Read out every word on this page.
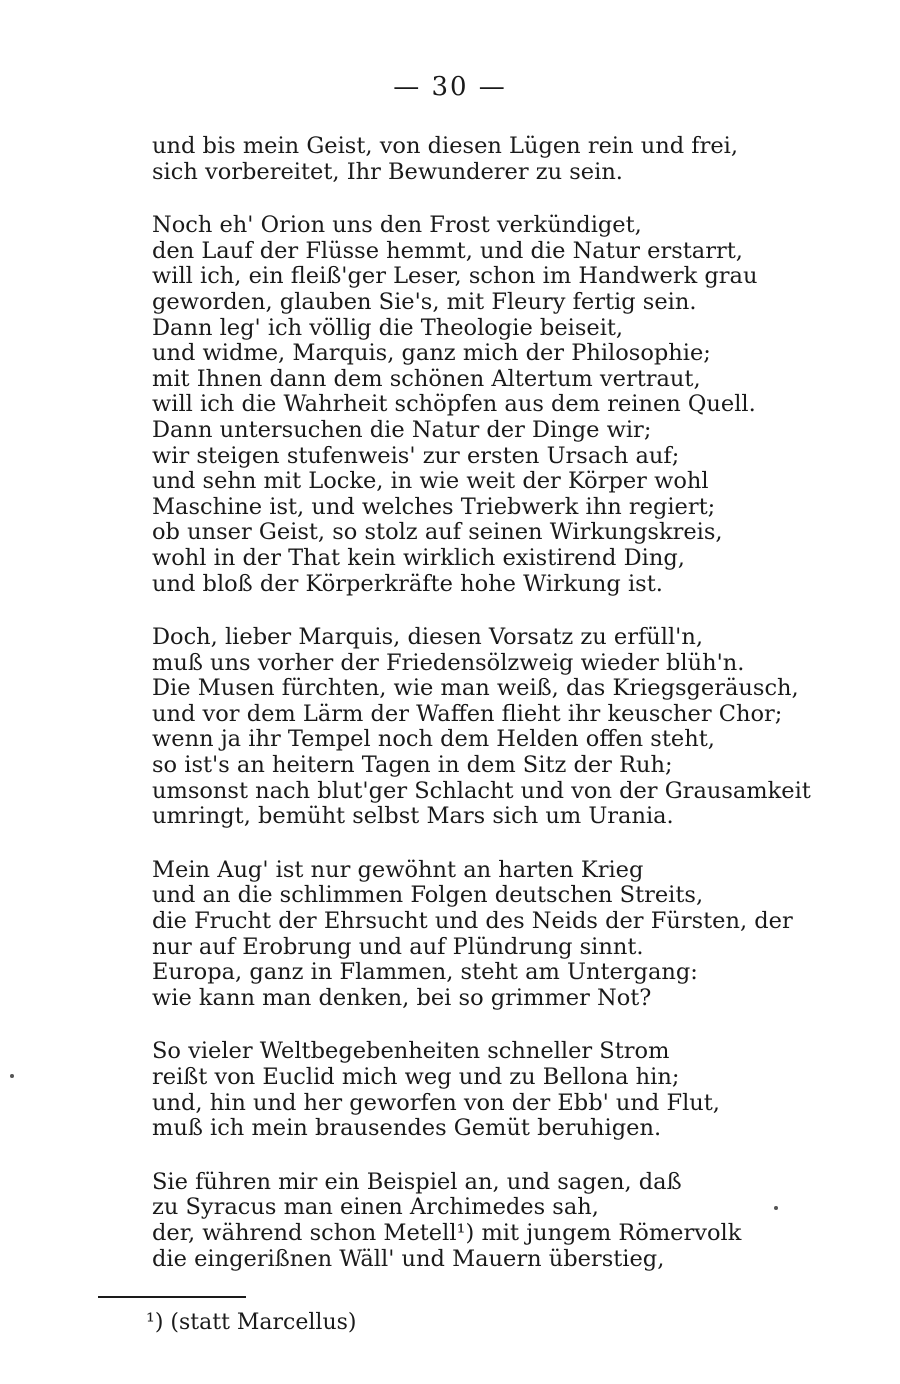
— 30 —
und bis mein Geist, von diesen Lügen rein und frei,
sich vorbereitet, Ihr Bewunderer zu sein.
Noch eh' Orion uns den Frost verkündiget,
den Lauf der Flüsse hemmt, und die Natur erstarrt,
will ich, ein fleiß'ger Leser, schon im Handwerk grau
geworden, glauben Sie's, mit Fleury fertig sein.
Dann leg' ich völlig die Theologie beiseit,
und widme, Marquis, ganz mich der Philosophie;
mit Ihnen dann dem schönen Altertum vertraut,
will ich die Wahrheit schöpfen aus dem reinen Quell.
Dann untersuchen die Natur der Dinge wir;
wir steigen stufenweis' zur ersten Ursach auf;
und sehn mit Locke, in wie weit der Körper wohl
Maschine ist, und welches Triebwerk ihn regiert;
ob unser Geist, so stolz auf seinen Wirkungskreis,
wohl in der That kein wirklich existirend Ding,
und bloß der Körperkräfte hohe Wirkung ist.
Doch, lieber Marquis, diesen Vorsatz zu erfüll'n,
muß uns vorher der Friedensölzweig wieder blüh'n.
Die Musen fürchten, wie man weiß, das Kriegsgeräusch,
und vor dem Lärm der Waffen flieht ihr keuscher Chor;
wenn ja ihr Tempel noch dem Helden offen steht,
so ist's an heitern Tagen in dem Sitz der Ruh;
umsonst nach blut'ger Schlacht und von der Grausamkeit
umringt, bemüht selbst Mars sich um Urania.
Mein Aug' ist nur gewöhnt an harten Krieg
und an die schlimmen Folgen deutschen Streits,
die Frucht der Ehrsucht und des Neids der Fürsten, der
nur auf Erobrung und auf Plündrung sinnt.
Europa, ganz in Flammen, steht am Untergang:
wie kann man denken, bei so grimmer Not?
So vieler Weltbegebenheiten schneller Strom
reißt von Euclid mich weg und zu Bellona hin;
und, hin und her geworfen von der Ebb' und Flut,
muß ich mein brausendes Gemüt beruhigen.
Sie führen mir ein Beispiel an, und sagen, daß
zu Syracus man einen Archimedes sah,
der, während schon Metell¹) mit jungem Römervolk
die eingerißnen Wäll' und Mauern überstieg,
¹) (statt Marcellus)
